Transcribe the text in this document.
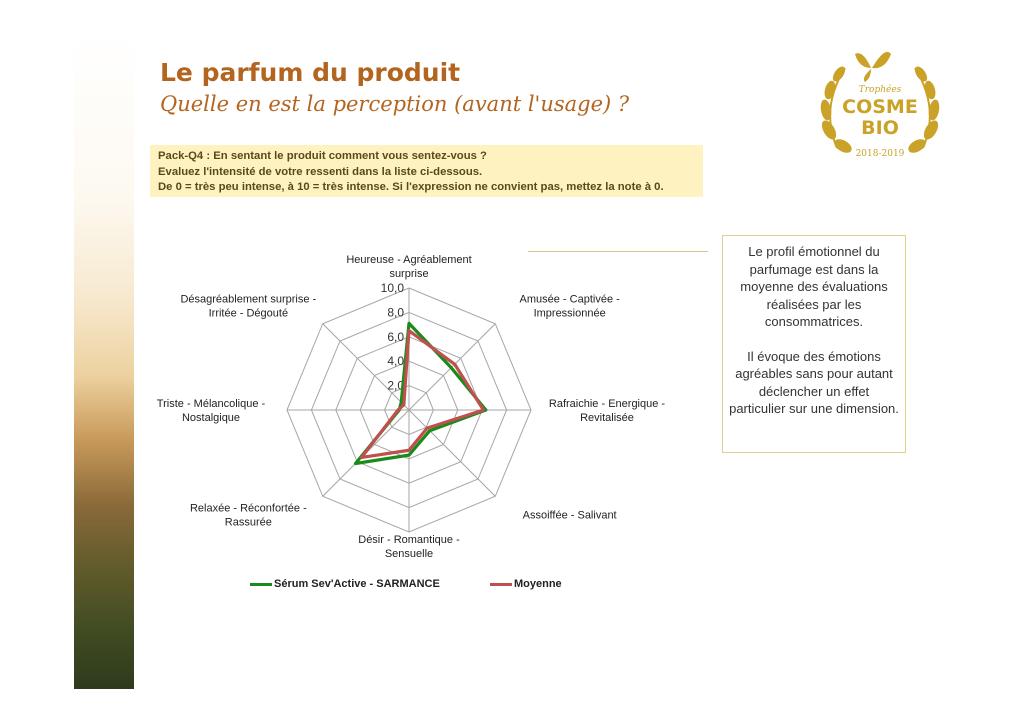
Le parfum du produit
Quelle en est la perception (avant l'usage) ?
Pack-Q4 : En sentant le produit comment vous sentez-vous ?
Evaluez l'intensité de votre ressenti dans la liste ci-dessous.
De 0 = très peu intense, à 10 = très intense. Si l'expression ne convient pas, mettez la note à 0.
Trophées
COSME
BIO
2018-2019

Le profil émotionnel du parfumage est dans la moyenne des évaluations réalisées par les consommatrices.

Il évoque des émotions agréables sans pour autant déclencher un effet particulier sur une dimension.

Heureuse - Agréablement
surprise
Amusée - Captivée -
Impressionnée
Rafraichie - Energique -
Revitalisée
Assoiffée - Salivant
Désir - Romantique -
Sensuelle
Relaxée - Réconfortée -
Rassurée
Triste - Mélancolique -
Nostalgique
Désagréablement surprise -
Irritée - Dégouté
2,0
4,0
6,0
8,0
10,0
Sérum Sev'Active - SARMANCE	Moyenne
